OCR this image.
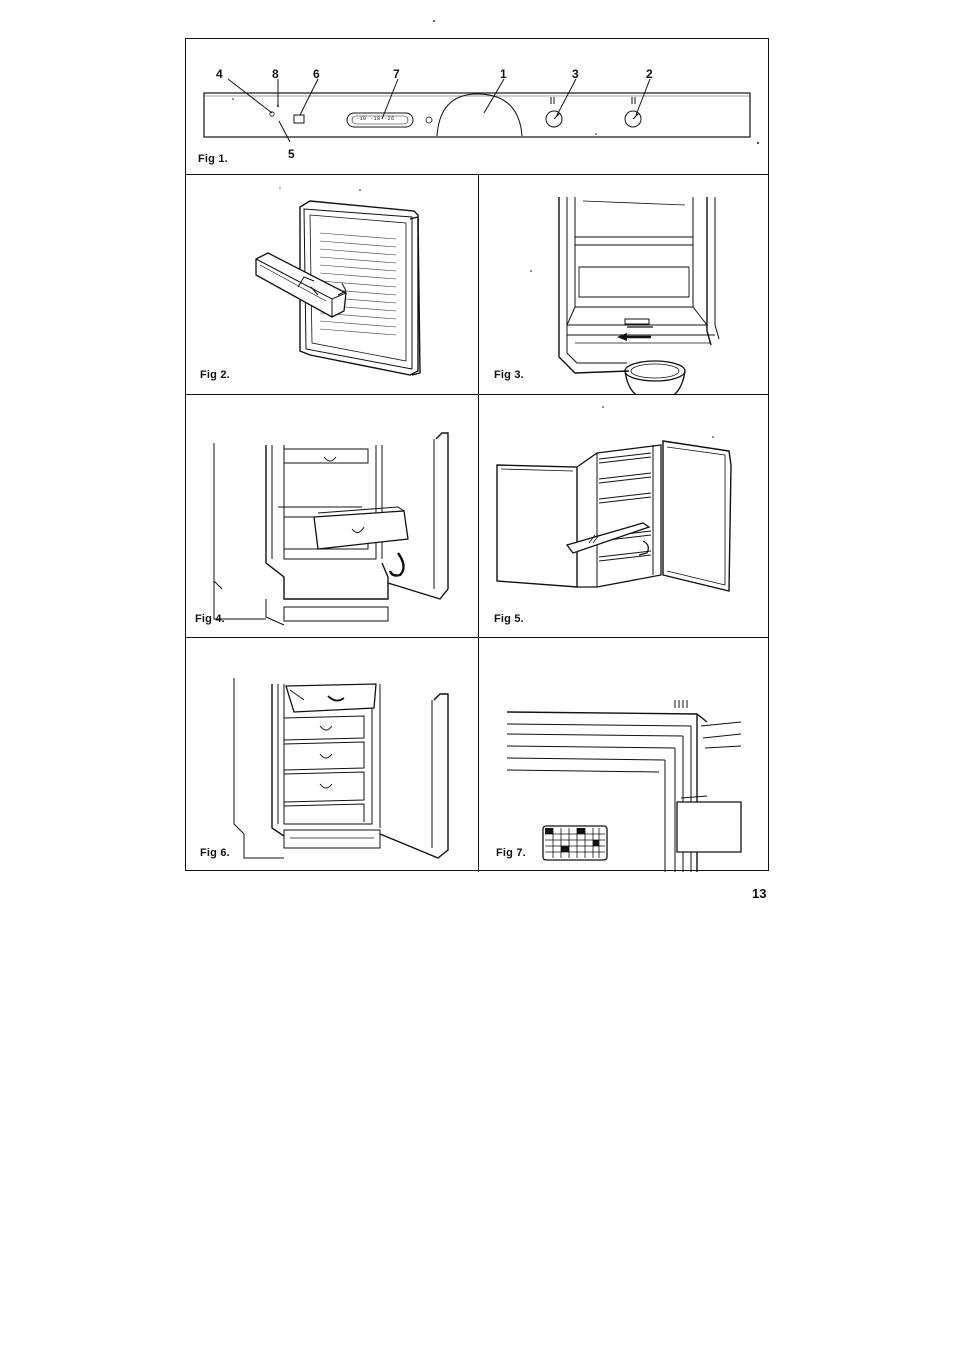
4	8	6	7	1	3	2
5
-10 -18 -26
Fig 1.
Fig 2.	Fig 3.
Fig 4.	Fig 5.
Fig 6.	Fig 7.
13
